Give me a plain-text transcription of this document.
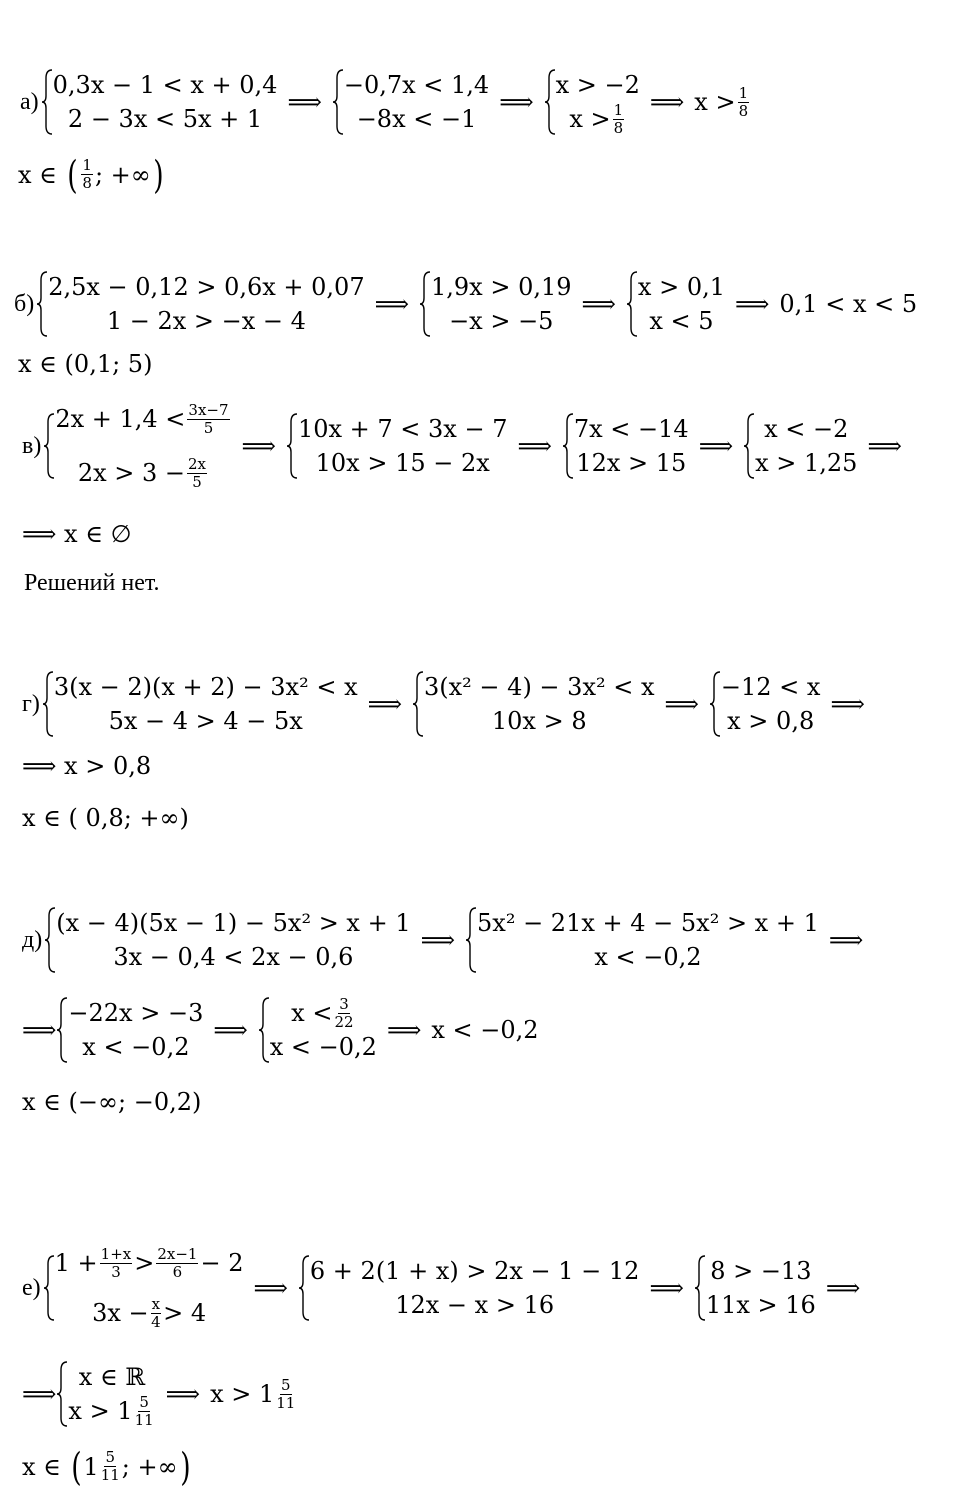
а)
0,3x − 1 < x + 0,4
2 − 3x < 5x + 1
⟹
−0,7x < 1,4
−8x < −1
⟹
x > −2
$x > \frac{1}{8}$
⟹ $x > \frac{1}{8}$
x ∈
( $\frac{1}{8}$ ; +∞ )
б)
2,5x − 0,12 > 0,6x + 0,07
1 − 2x > −x − 4
⟹
1,9x > 0,19
−x > −5
⟹
x > 0,1
x < 5
⟹ 0,1 < x < 5
x ∈ (0,1; 5)
в)
$2x + 1,4 < \frac{3x-7}{5}$
$2x > 3 - \frac{2x}{5}$
⟹
10x + 7 < 3x − 7
10x > 15 − 2x
⟹
7x < −14
12x > 15
⟹
x < −2
x > 1,25
⟹
⟹ x ∈ ∅
Решений нет.
г)
3(x − 2)(x + 2) − 3x² < x
5x − 4 > 4 − 5x
⟹
3(x² − 4) − 3x² < x
10x > 8
⟹
−12 < x
x > 0,8
⟹
⟹ x > 0,8
x ∈ ( 0,8; +∞)
д)
(x − 4)(5x − 1) − 5x² > x + 1
3x − 0,4 < 2x − 0,6
⟹
5x² − 21x + 4 − 5x² > x + 1
x < −0,2
⟹
⟹
−22x > −3
x < −0,2
⟹
$x < \frac{3}{22}$
x < −0,2
⟹ x < −0,2
x ∈ (−∞; −0,2)
е)
$1 + \frac{1+x}{3} > \frac{2x-1}{6} - 2$
$3x - \frac{x}{4} > 4$
⟹
6 + 2(1 + x) > 2x − 1 − 12
12x − x > 16
⟹
8 > −13
11x > 16
⟹
⟹
x ∈ ℝ
$x > 1 \frac{5}{11}$
⟹ $x > 1 \frac{5}{11}$
x ∈
( $1 \frac{5}{11}$ ; +∞ )
